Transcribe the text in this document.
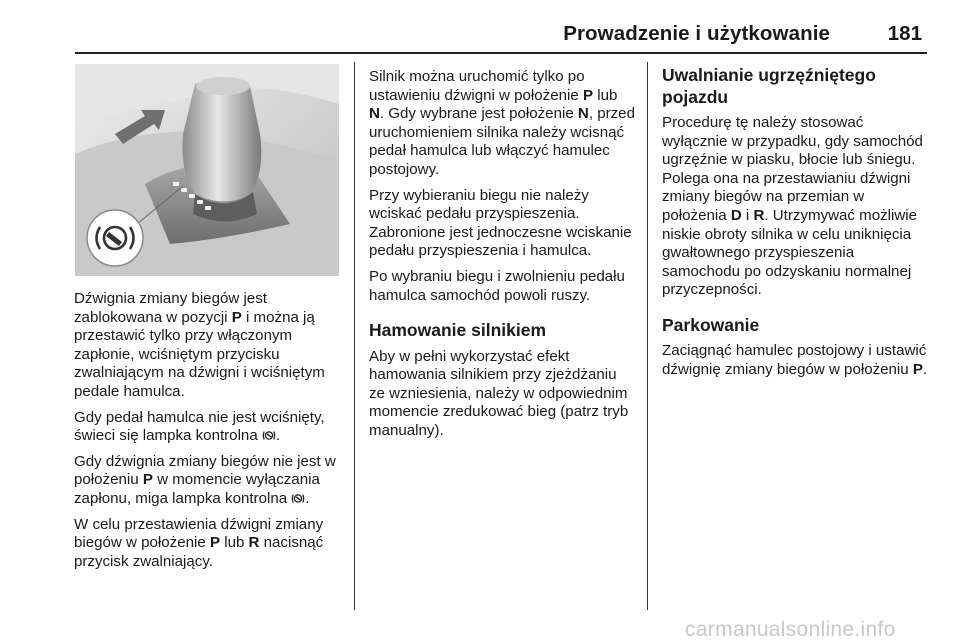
Prowadzenie i użytkowanie	181

Dźwignia zmiany biegów jest zablokowana w pozycji P i można ją przestawić tylko przy włączonym zapłonie, wciśniętym przycisku zwalniającym na dźwigni i wciśniętym pedale hamulca.

Gdy pedał hamulca nie jest wciśnięty, świeci się lampka kontrolna .

Gdy dźwignia zmiany biegów nie jest w położeniu P w momencie wyłączania zapłonu, miga lampka kontrolna .

W celu przestawienia dźwigni zmiany biegów w położenie P lub R nacisnąć przycisk zwalniający.

Silnik można uruchomić tylko po ustawieniu dźwigni w położenie P lub N. Gdy wybrane jest położenie N, przed uruchomieniem silnika należy wcisnąć pedał hamulca lub włączyć hamulec postojowy.

Przy wybieraniu biegu nie należy wciskać pedału przyspieszenia. Zabronione jest jednoczesne wciskanie pedału przyspieszenia i hamulca.

Po wybraniu biegu i zwolnieniu pedału hamulca samochód powoli ruszy.

Hamowanie silnikiem

Aby w pełni wykorzystać efekt hamowania silnikiem przy zjeżdżaniu ze wzniesienia, należy w odpowiednim momencie zredukować bieg (patrz tryb manualny).

Uwalnianie ugrzęźniętego pojazdu

Procedurę tę należy stosować wyłącznie w przypadku, gdy samochód ugrzęźnie w piasku, błocie lub śniegu. Polega ona na przestawianiu dźwigni zmiany biegów na przemian w położenia D i R. Utrzymywać możliwie niskie obroty silnika w celu uniknięcia gwałtownego przyspieszenia samochodu po odzyskaniu normalnej przyczepności.

Parkowanie

Zaciągnąć hamulec postojowy i ustawić dźwignię zmiany biegów w położeniu P.

carmanualsonline.info
